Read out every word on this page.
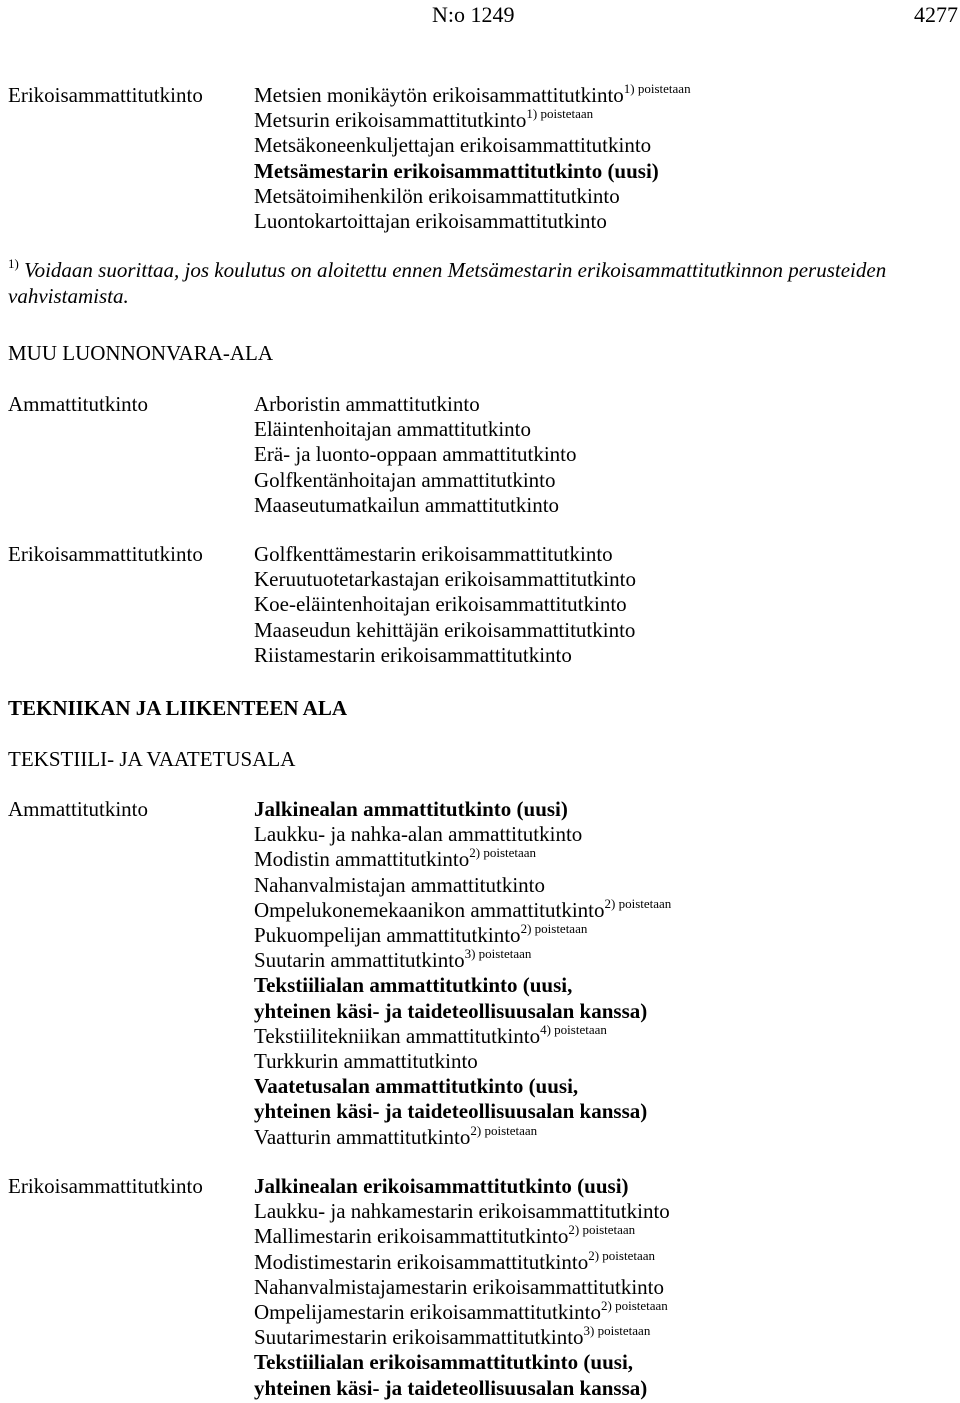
N:o 1249	4277
Erikoisammattitutkinto	Metsien monikäytön erikoisammattitutkinto$^{1) poistetaan}$
Metsurin erikoisammattitutkinto$^{1) poistetaan}$
Metsäkoneenkuljettajan erikoisammattitutkinto
Metsämestarin erikoisammattitutkinto (uusi)
Metsätoimihenkilön erikoisammattitutkinto
Luontokartoittajan erikoisammattitutkinto
$^{1)}$ Voidaan suorittaa, jos koulutus on aloitettu ennen Metsämestarin erikoisammattitutkinnon perusteiden vahvistamista.
MUU LUONNONVARA-ALA
Ammattitutkinto	Arboristin ammattitutkinto
Eläintenhoitajan ammattitutkinto
Erä- ja luonto-oppaan ammattitutkinto
Golfkentänhoitajan ammattitutkinto
Maaseutumatkailun ammattitutkinto
Erikoisammattitutkinto	Golfkenttämestarin erikoisammattitutkinto
Keruutuotetarkastajan erikoisammattitutkinto
Koe-eläintenhoitajan erikoisammattitutkinto
Maaseudun kehittäjän erikoisammattitutkinto
Riistamestarin erikoisammattitutkinto
TEKNIIKAN JA LIIKENTEEN ALA
TEKSTIILI- JA VAATETUSALA
Ammattitutkinto	Jalkinealan ammattitutkinto (uusi)
Laukku- ja nahka-alan ammattitutkinto
Modistin ammattitutkinto$^{2) poistetaan}$
Nahanvalmistajan ammattitutkinto
Ompelukonemekaanikon ammattitutkinto$^{2) poistetaan}$
Pukuompelijan ammattitutkinto$^{2) poistetaan}$
Suutarin ammattitutkinto$^{3) poistetaan}$
Tekstiilialan ammattitutkinto (uusi,
yhteinen käsi- ja taideteollisuusalan kanssa)
Tekstiilitekniikan ammattitutkinto$^{4) poistetaan}$
Turkkurin ammattitutkinto
Vaatetusalan ammattitutkinto (uusi,
yhteinen käsi- ja taideteollisuusalan kanssa)
Vaatturin ammattitutkinto$^{2) poistetaan}$
Erikoisammattitutkinto	Jalkinealan erikoisammattitutkinto (uusi)
Laukku- ja nahkamestarin erikoisammattitutkinto
Mallimestarin erikoisammattitutkinto$^{2) poistetaan}$
Modistimestarin erikoisammattitutkinto$^{2) poistetaan}$
Nahanvalmistajamestarin erikoisammattitutkinto
Ompelijamestarin erikoisammattitutkinto$^{2) poistetaan}$
Suutarimestarin erikoisammattitutkinto$^{3) poistetaan}$
Tekstiilialan erikoisammattitutkinto (uusi,
yhteinen käsi- ja taideteollisuusalan kanssa)
